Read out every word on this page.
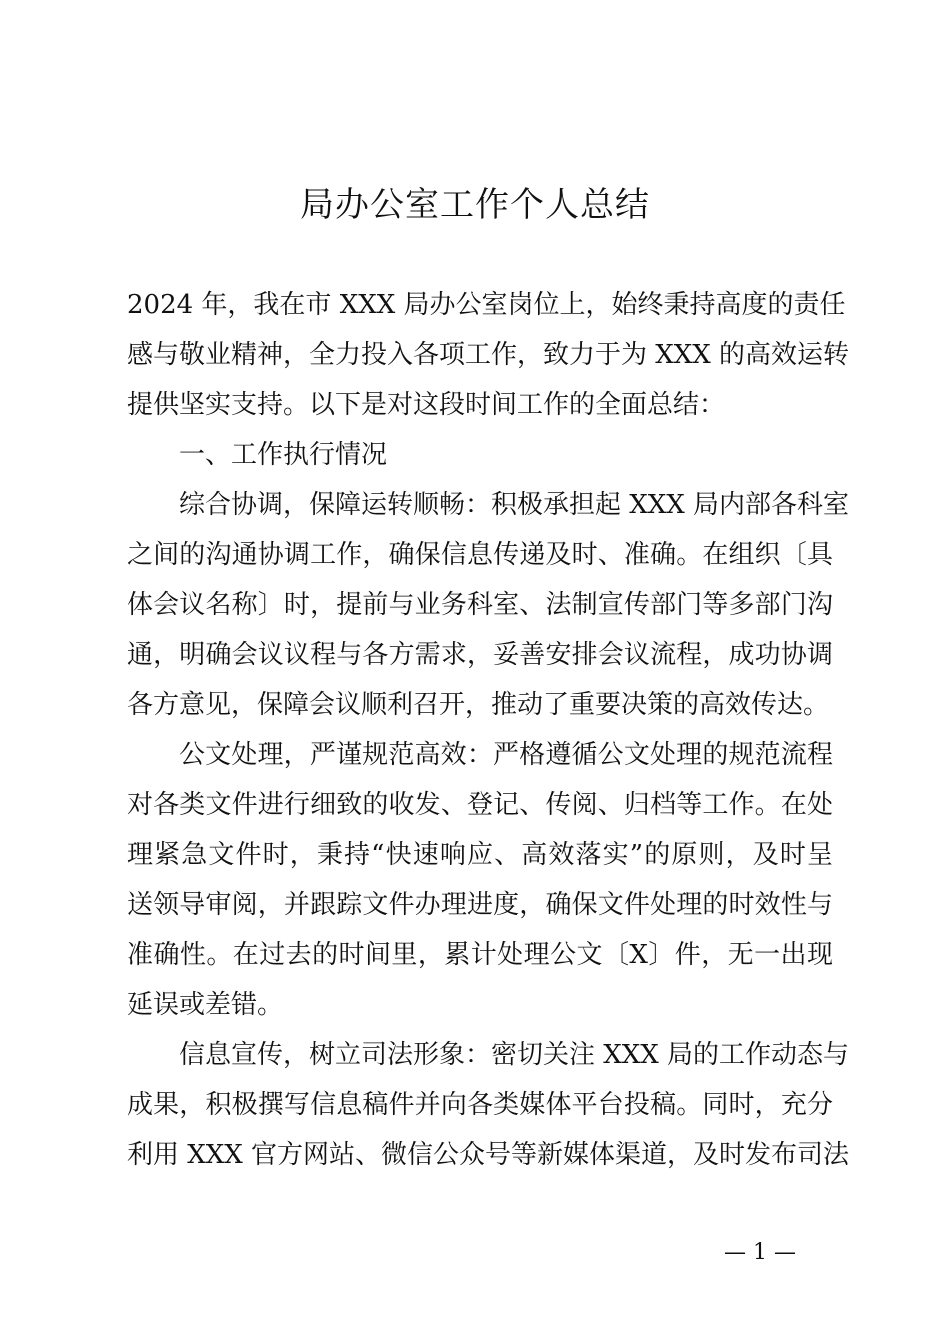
局办公室工作个人总结
2024 年，我在市 XXX 局办公室岗位上，始终秉持高度的责任
感与敬业精神，全力投入各项工作，致力于为 XXX 的高效运转
提供坚实支持。以下是对这段时间工作的全面总结：
一、工作执行情况
综合协调，保障运转顺畅：积极承担起 XXX 局内部各科室
之间的沟通协调工作，确保信息传递及时、准确。在组织〔具
体会议名称〕时，提前与业务科室、法制宣传部门等多部门沟
通，明确会议议程与各方需求，妥善安排会议流程，成功协调
各方意见，保障会议顺利召开，推动了重要决策的高效传达。
公文处理，严谨规范高效：严格遵循公文处理的规范流程
对各类文件进行细致的收发、登记、传阅、归档等工作。在处
理紧急文件时，秉持“快速响应、高效落实”的原则，及时呈
送领导审阅，并跟踪文件办理进度，确保文件处理的时效性与
准确性。在过去的时间里，累计处理公文〔X〕件，无一出现
延误或差错。
信息宣传，树立司法形象：密切关注 XXX 局的工作动态与
成果，积极撰写信息稿件并向各类媒体平台投稿。同时，充分
利用 XXX 官方网站、微信公众号等新媒体渠道，及时发布司法
— 1 —
